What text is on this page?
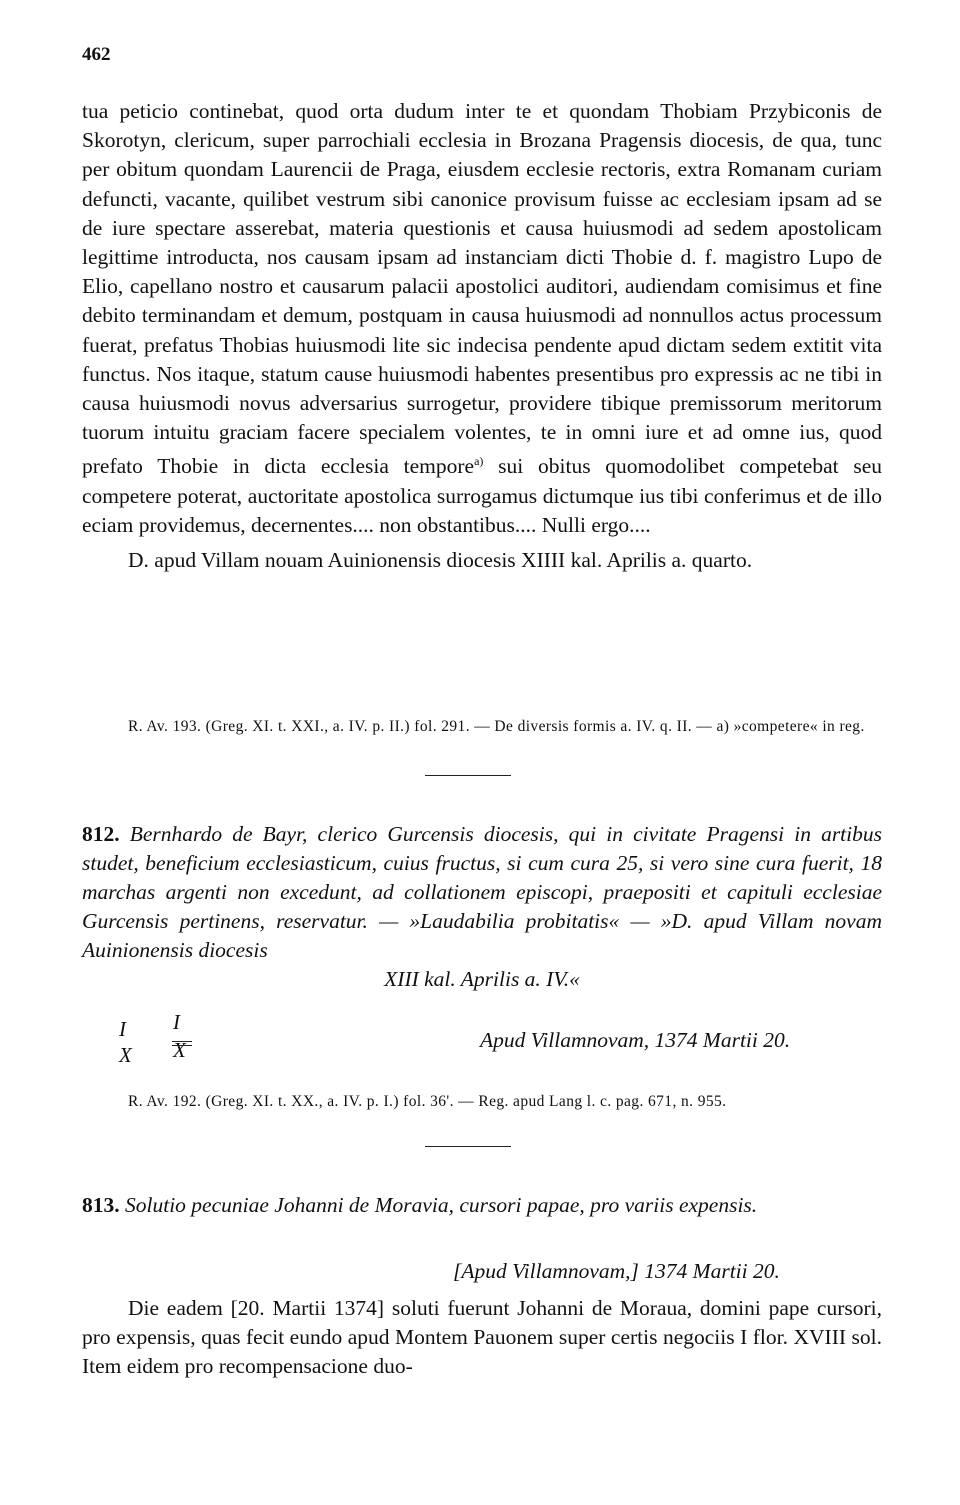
462

tua peticio continebat, quod orta dudum inter te et quondam Thobiam Przybiconis de Skorotyn, clericum, super parrochiali ecclesia in Brozana Pragensis diocesis, de qua, tunc per obitum quondam Laurencii de Praga, eiusdem ecclesie rectoris, extra Romanam curiam defuncti, vacante, quilibet vestrum sibi canonice provisum fuisse ac ecclesiam ipsam ad se de iure spectare asserebat, materia questionis et causa huiusmodi ad sedem apostolicam legittime introducta, nos causam ipsam ad instanciam dicti Thobie d. f. magistro Lupo de Elio, capellano nostro et causarum palacii apostolici auditori, audiendam comisimus et fine debito terminandam et demum, postquam in causa huiusmodi ad nonnullos actus processum fuerat, prefatus Thobias huiusmodi lite sic indecisa pendente apud dictam sedem extitit vita functus. Nos itaque, statum cause huiusmodi habentes presentibus pro expressis ac ne tibi in causa huiusmodi novus adversarius surrogetur, providere tibique premissorum meritorum tuorum intuitu graciam facere specialem volentes, te in omni iure et ad omne ius, quod prefato Thobie in dicta ecclesia tempore$^{a)}$ sui obitus quomodolibet competebat seu competere poterat, auctoritate apostolica surrogamus dictumque ius tibi conferimus et de illo eciam providemus, decernentes.... non obstantibus.... Nulli ergo....

D. apud Villam nouam Auinionensis diocesis XIIII kal. Aprilis a. quarto.

R. Av. 193. (Greg. XI. t. XXI., a. IV. p. II.) fol. 291. — De diversis formis a. IV. q. II. — a) »competere« in reg.

812. Bernhardo de Bayr, clerico Gurcensis diocesis, qui in civitate Pragensi in artibus studet, beneficium ecclesiasticum, cuius fructus, si cum cura 25, si vero sine cura fuerit, 18 marchas argenti non excedunt, ad collationem episcopi, praepositi et capituli ecclesiae Gurcensis pertinens, reservatur. — »Laudabilia probitatis« — »D. apud Villam novam Auinionensis diocesis
XIII kal. Aprilis a. IV.«
I
X
I
X	Apud Villamnovam, 1374 Martii 20.

R. Av. 192. (Greg. XI. t. XX., a. IV. p. I.) fol. 36'. — Reg. apud Lang l. c. pag. 671, n. 955.

813. Solutio pecuniae Johanni de Moravia, cursori papae, pro variis expensis.
[Apud Villamnovam,] 1374 Martii 20.

Die eadem [20. Martii 1374] soluti fuerunt Johanni de Moraua, domini pape cursori, pro expensis, quas fecit eundo apud Montem Pauonem super certis negociis I flor. XVIII sol. Item eidem pro recompensacione duo-
